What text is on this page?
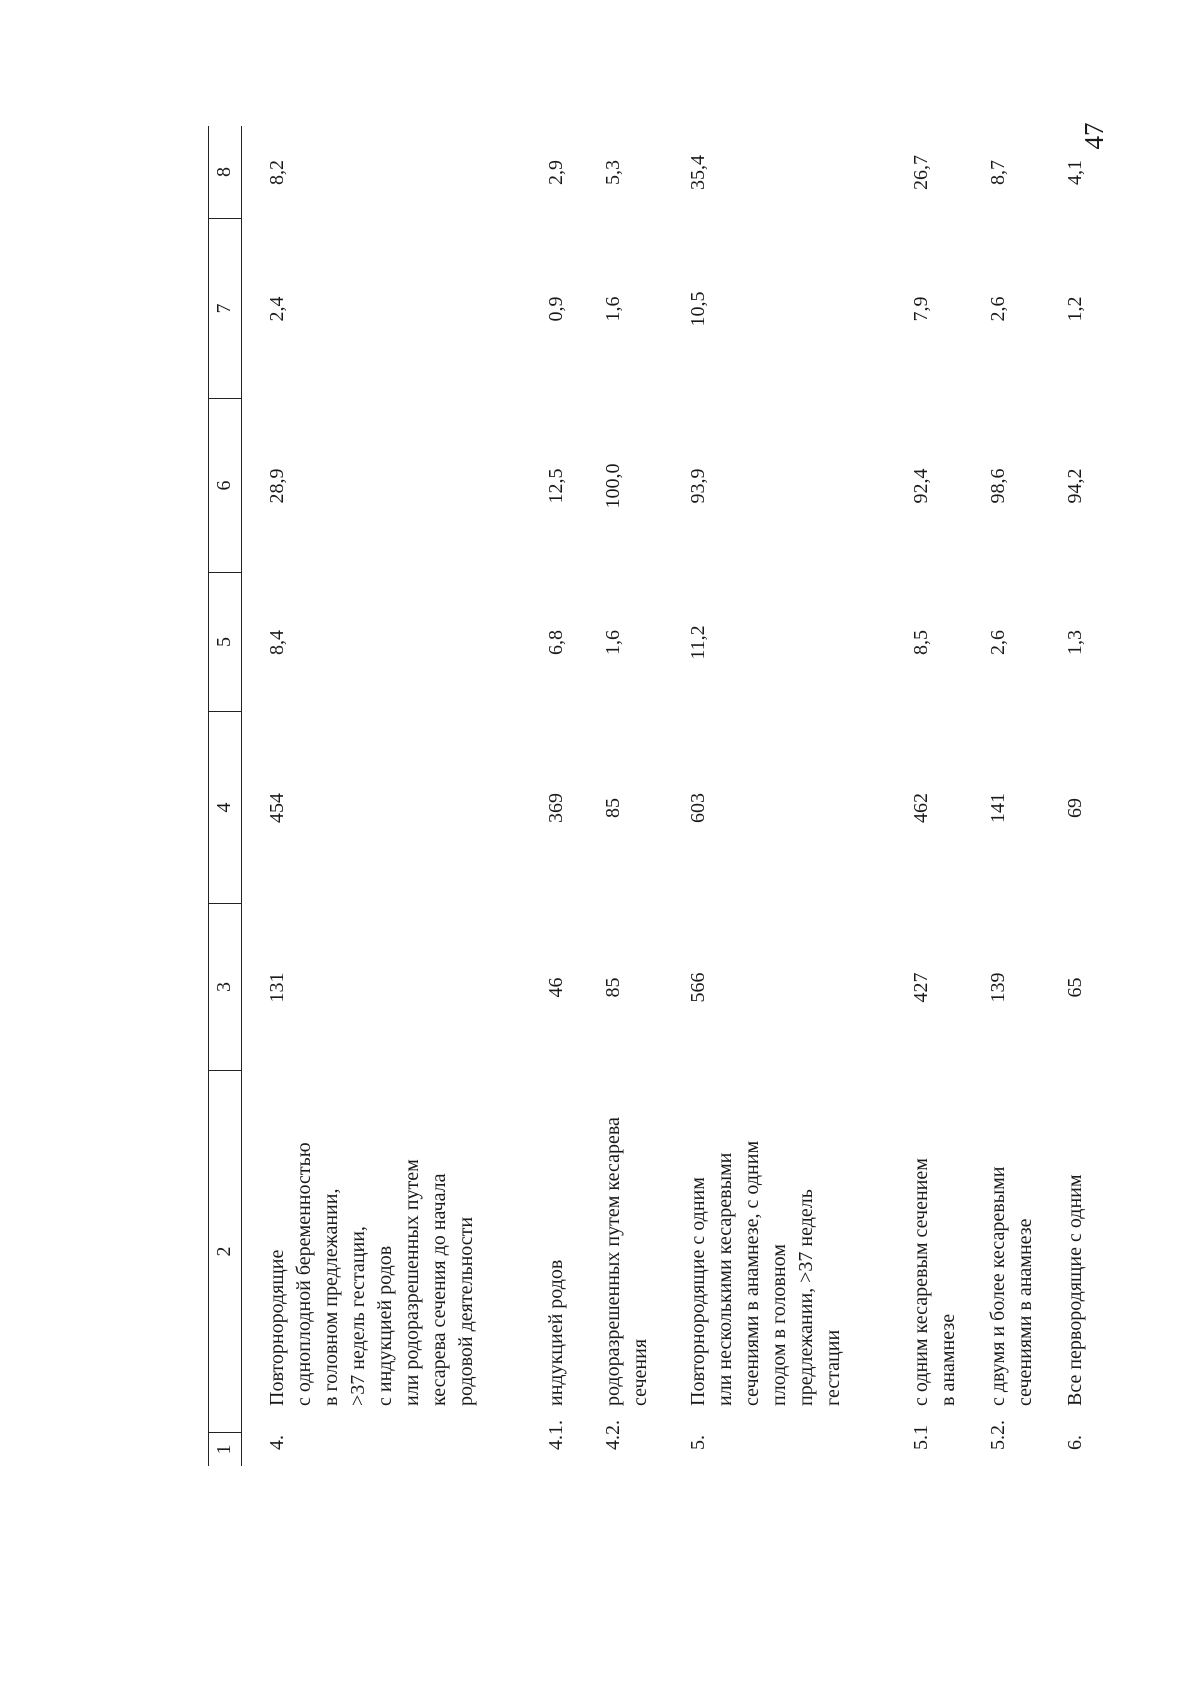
47
1
2
3
4
5
6
7
8
4.
Повторнородящие с одноплодной беременностью в головном предлежании, >37 недель гестации, с индукцией родов или родоразрешенных путем кесарева сечения до начала родовой деятельности
131
454
8,4
28,9
2,4
8,2
4.1.
индукцией родов
46
369
6,8
12,5
0,9
2,9
4.2.
родоразрешенных путем кесарева сечения
85
85
1,6
100,0
1,6
5,3
5.
Повторнородящие с одним или несколькими кесаревыми сечениями в анамнезе, с одним плодом в головном предлежании, >37 недель гестации
566
603
11,2
93,9
10,5
35,4
5.1
с одним кесаревым сечением в анамнезе
427
462
8,5
92,4
7,9
26,7
5.2.
с двумя и более кесаревыми сечениями в анамнезе
139
141
2,6
98,6
2,6
8,7
6.
Все первородящие с одним
65
69
1,3
94,2
1,2
4,1
